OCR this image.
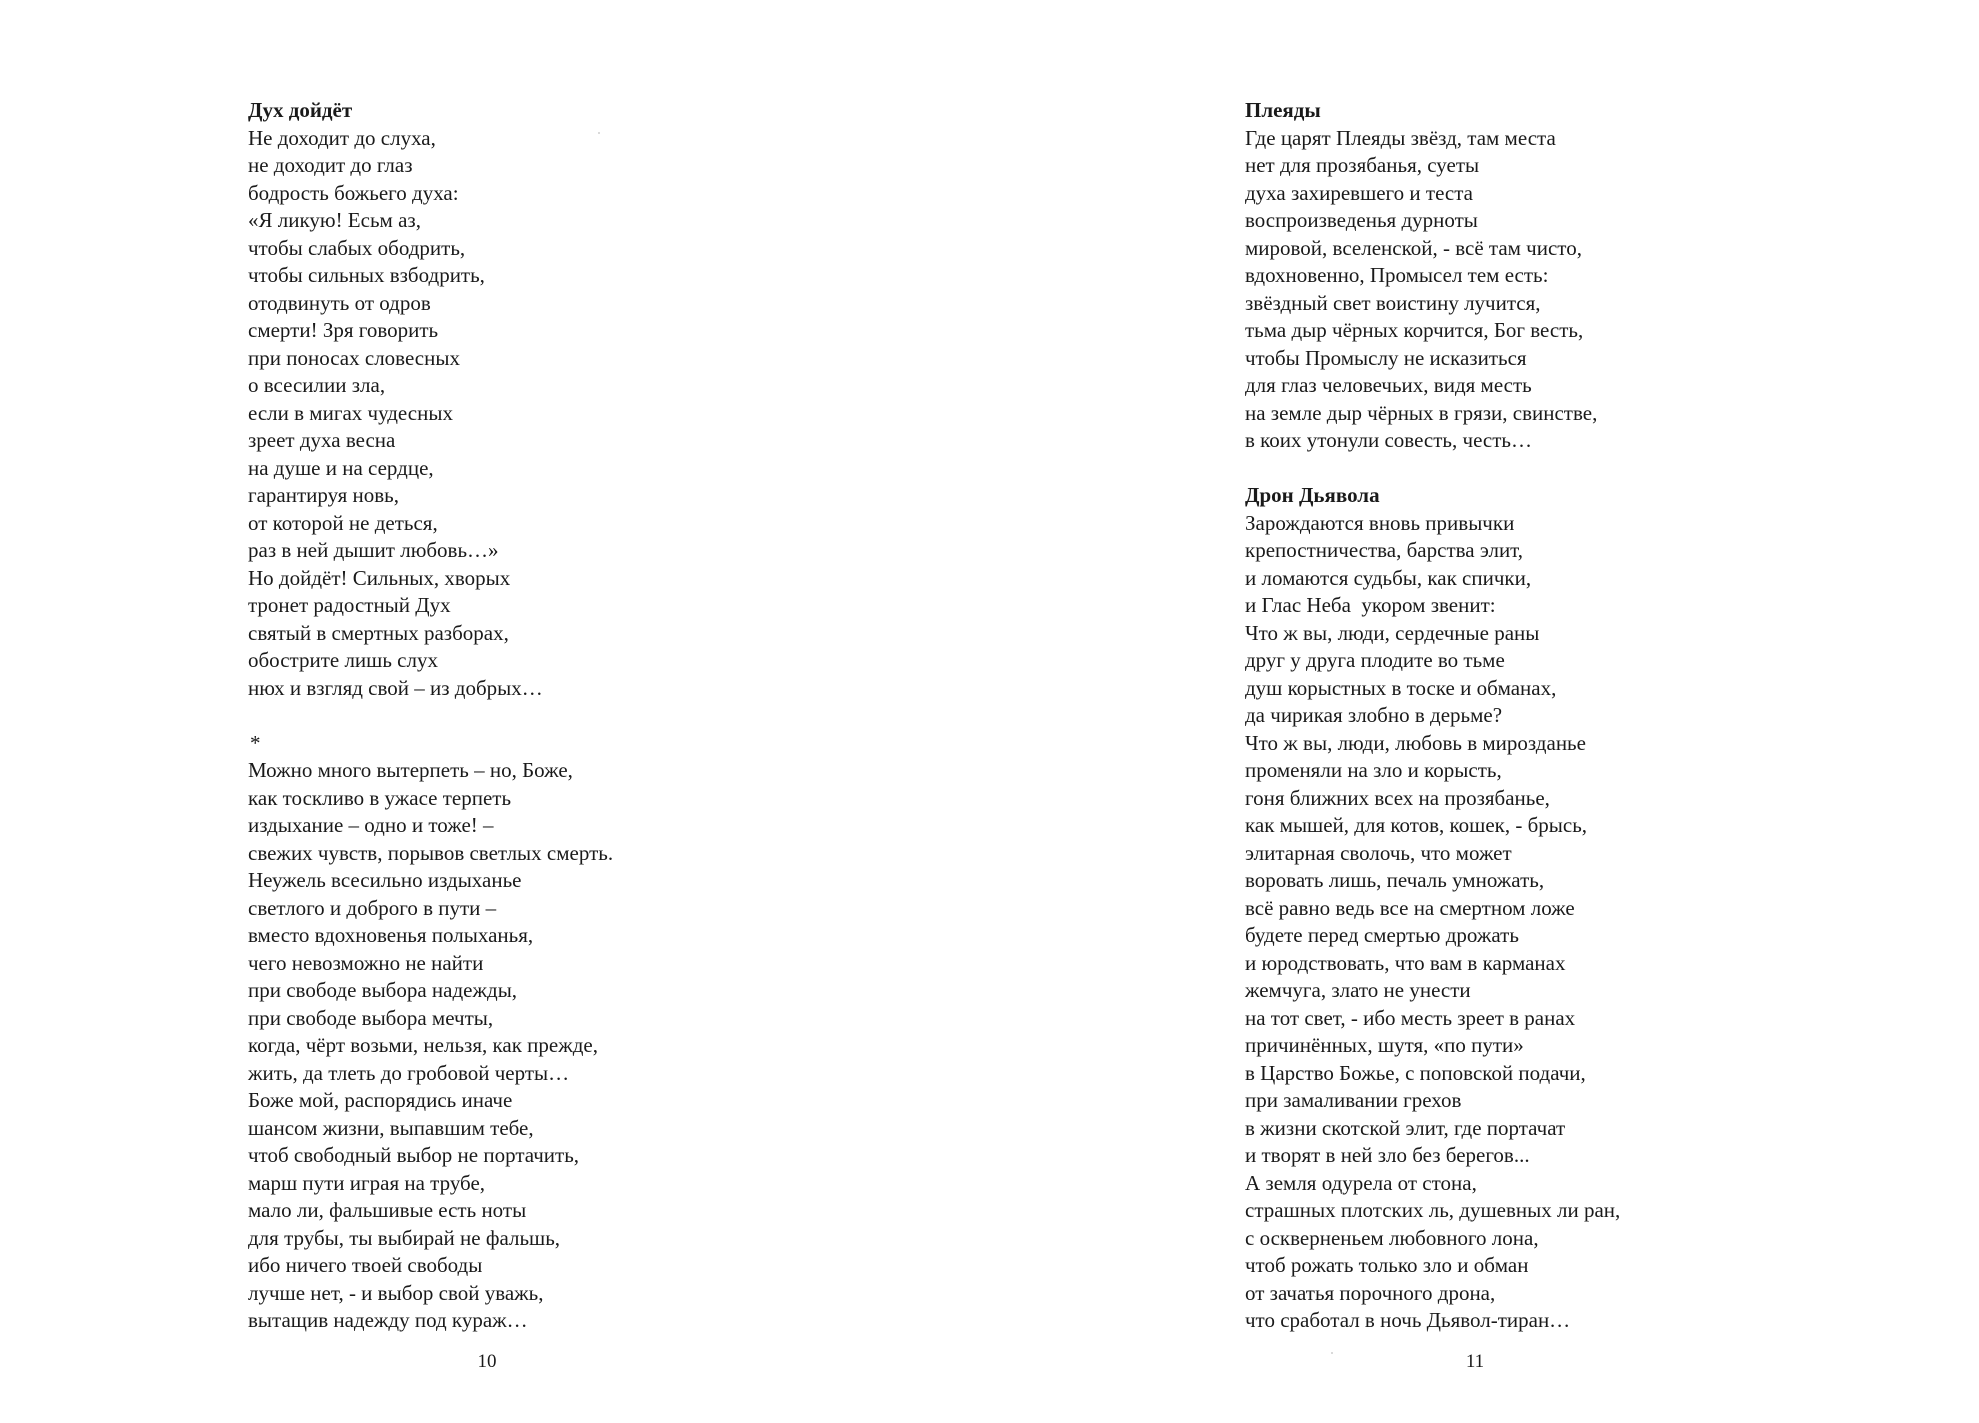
Дух дойдёт
Не доходит до слуха,
не доходит до глаз
бодрость божьего духа:
«Я ликую! Есьм аз,
чтобы слабых ободрить,
чтобы сильных взбодрить,
отодвинуть от одров
смерти! Зря говорить
при поносах словесных
о всесилии зла,
если в мигах чудесных
зреет духа весна
на душе и на сердце,
гарантируя новь,
от которой не деться,
раз в ней дышит любовь…»
Но дойдёт! Сильных, хворых
тронет радостный Дух
святый в смертных разборах,
обострите лишь слух
нюх и взгляд свой – из добрых…
*
Можно много вытерпеть – но, Боже,
как тоскливо в ужасе терпеть
издыхание – одно и тоже! –
свежих чувств, порывов светлых смерть.
Неужель всесильно издыханье
светлого и доброго в пути –
вместо вдохновенья полыханья,
чего невозможно не найти
при свободе выбора надежды,
при свободе выбора мечты,
когда, чёрт возьми, нельзя, как прежде,
жить, да тлеть до гробовой черты…
Боже мой, распорядись иначе
шансом жизни, выпавшим тебе,
чтоб свободный выбор не портачить,
марш пути играя на трубе,
мало ли, фальшивые есть ноты
для трубы, ты выбирай не фальшь,
ибо ничего твоей свободы
лучше нет, - и выбор свой уважь,
вытащив надежду под кураж…
10
Плеяды
Где царят Плеяды звёзд, там места
нет для прозябанья, суеты
духа захиревшего и теста
воспроизведенья дурноты
мировой, вселенской, - всё там чисто,
вдохновенно, Промысел тем есть:
звёздный свет воистину лучится,
тьма дыр чёрных корчится, Бог весть,
чтобы Промыслу не исказиться
для глаз человечьих, видя месть
на земле дыр чёрных в грязи, свинстве,
в коих утонули совесть, честь…
Дрон Дьявола
Зарождаются вновь привычки
крепостничества, барства элит,
и ломаются судьбы, как спички,
и Глас Неба  укором звенит:
Что ж вы, люди, сердечные раны
друг у друга плодите во тьме
душ корыстных в тоске и обманах,
да чирикая злобно в дерьме?
Что ж вы, люди, любовь в мирозданье
променяли на зло и корысть,
гоня ближних всех на прозябанье,
как мышей, для котов, кошек, - брысь,
элитарная сволочь, что может
воровать лишь, печаль умножать,
всё равно ведь все на смертном ложе
будете перед смертью дрожать
и юродствовать, что вам в карманах
жемчуга, злато не унести
на тот свет, - ибо месть зреет в ранах
причинённых, шутя, «по пути»
в Царство Божье, с поповской подачи,
при замаливании грехов
в жизни скотской элит, где портачат
и творят в ней зло без берегов...
А земля одурела от стона,
страшных плотских ль, душевных ли ран,
с оскверненьем любовного лона,
чтоб рожать только зло и обман
от зачатья порочного дрона,
что сработал в ночь Дьявол-тиран…
11
